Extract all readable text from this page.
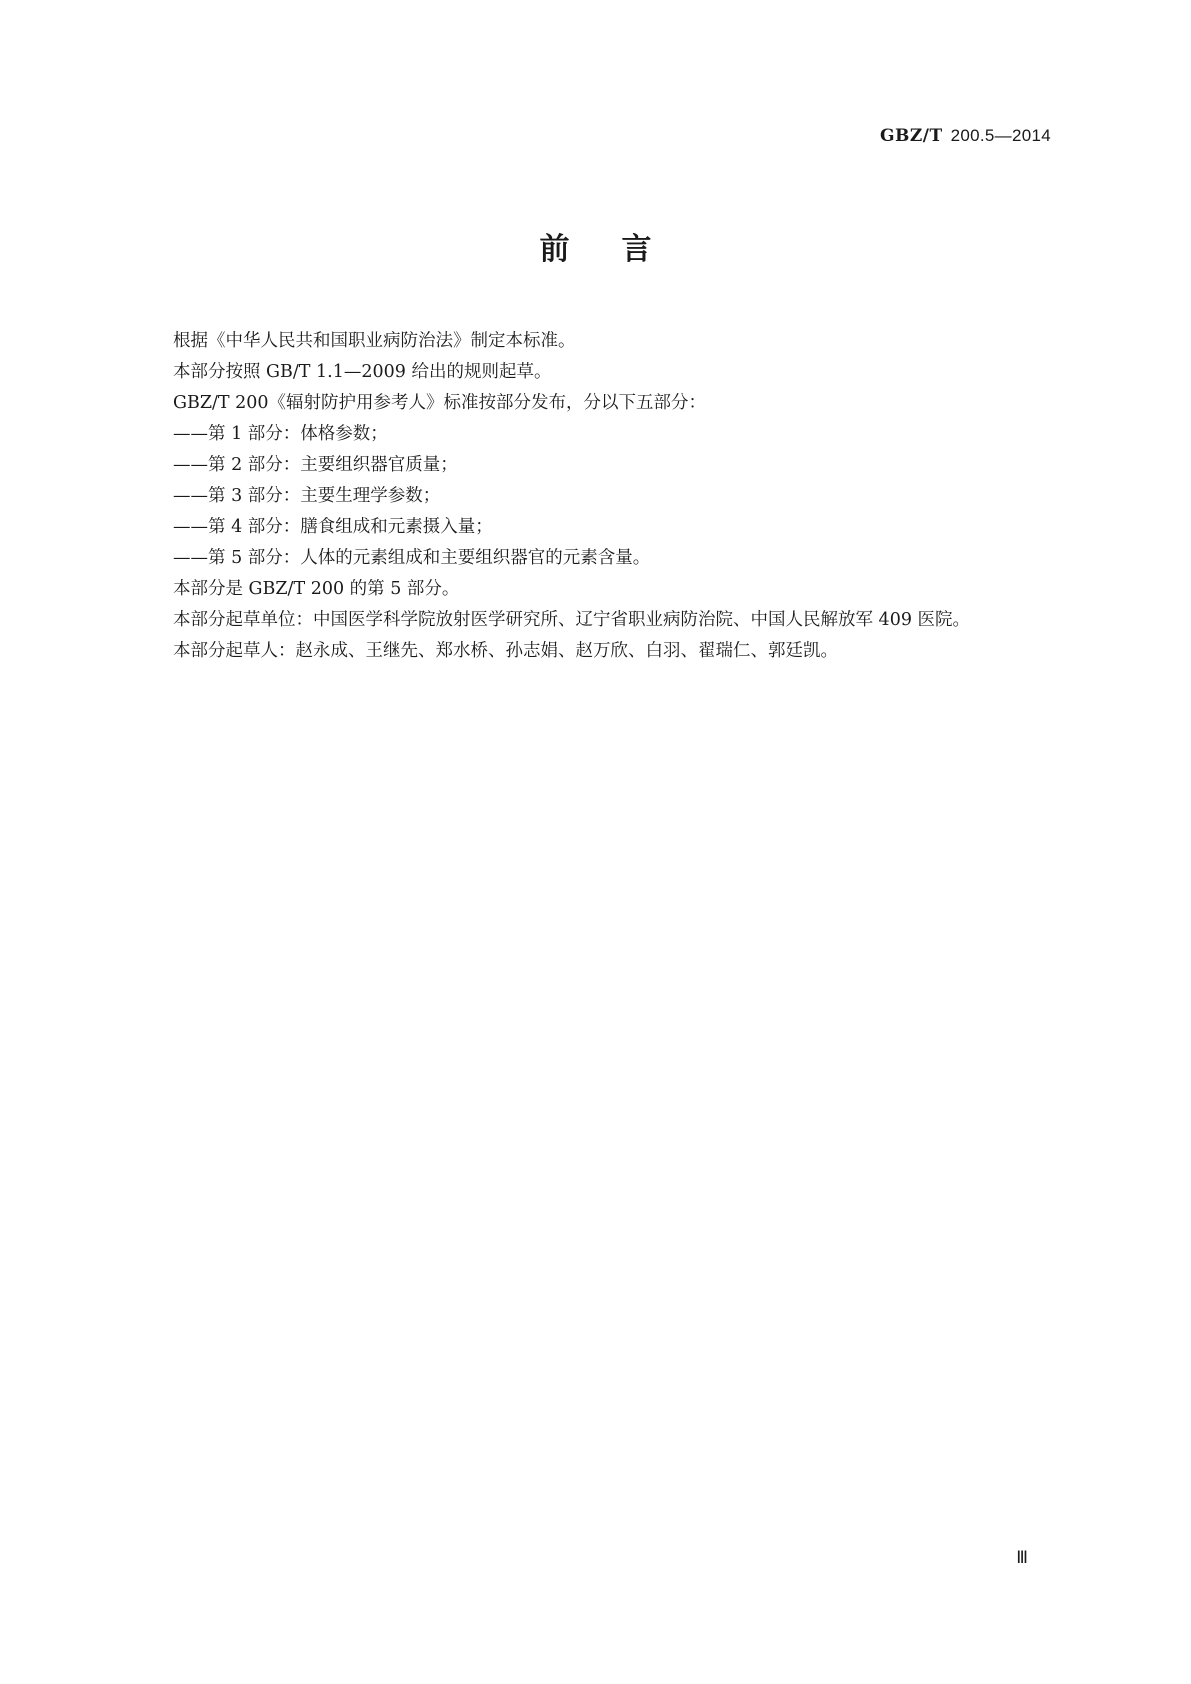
GBZ/T 200.5—2014
前言

根据《中华人民共和国职业病防治法》制定本标准。

本部分按照 GB/T 1.1—2009 给出的规则起草。

GBZ/T 200《辐射防护用参考人》标准按部分发布，分以下五部分：

——第 1 部分：体格参数；

——第 2 部分：主要组织器官质量；

——第 3 部分：主要生理学参数；

——第 4 部分：膳食组成和元素摄入量；

——第 5 部分：人体的元素组成和主要组织器官的元素含量。

本部分是 GBZ/T 200 的第 5 部分。

本部分起草单位：中国医学科学院放射医学研究所、辽宁省职业病防治院、中国人民解放军 409 医院。

本部分起草人：赵永成、王继先、郑水桥、孙志娟、赵万欣、白羽、翟瑞仁、郭廷凯。

Ⅲ
